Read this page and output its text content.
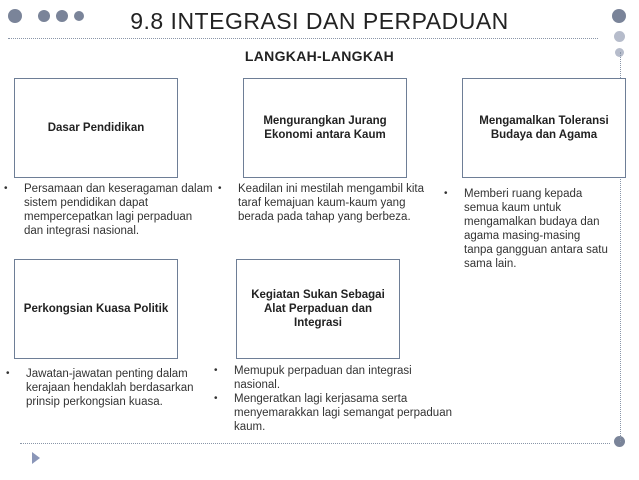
9.8 INTEGRASI DAN PERPADUAN
LANGKAH-LANGKAH
Dasar Pendidikan
• Persamaan dan keseragaman dalam sistem pendidikan dapat mempercepatkan lagi perpaduan dan integrasi nasional.
Mengurangkan Jurang Ekonomi antara Kaum
• Keadilan ini mestilah mengambil kita taraf kemajuan kaum-kaum yang berada pada tahap yang berbeza.
Mengamalkan Toleransi Budaya dan Agama
• Memberi ruang kepada semua kaum untuk mengamalkan budaya dan agama masing-masing tanpa gangguan antara satu sama lain.
Perkongsian Kuasa Politik
• Jawatan-jawatan penting dalam kerajaan hendaklah berdasarkan prinsip perkongsian kuasa.
Kegiatan Sukan Sebagai Alat Perpaduan dan Integrasi
• Memupuk perpaduan dan integrasi nasional.
• Mengeratkan lagi kerjasama serta menyemarakkan lagi semangat perpaduan kaum.
